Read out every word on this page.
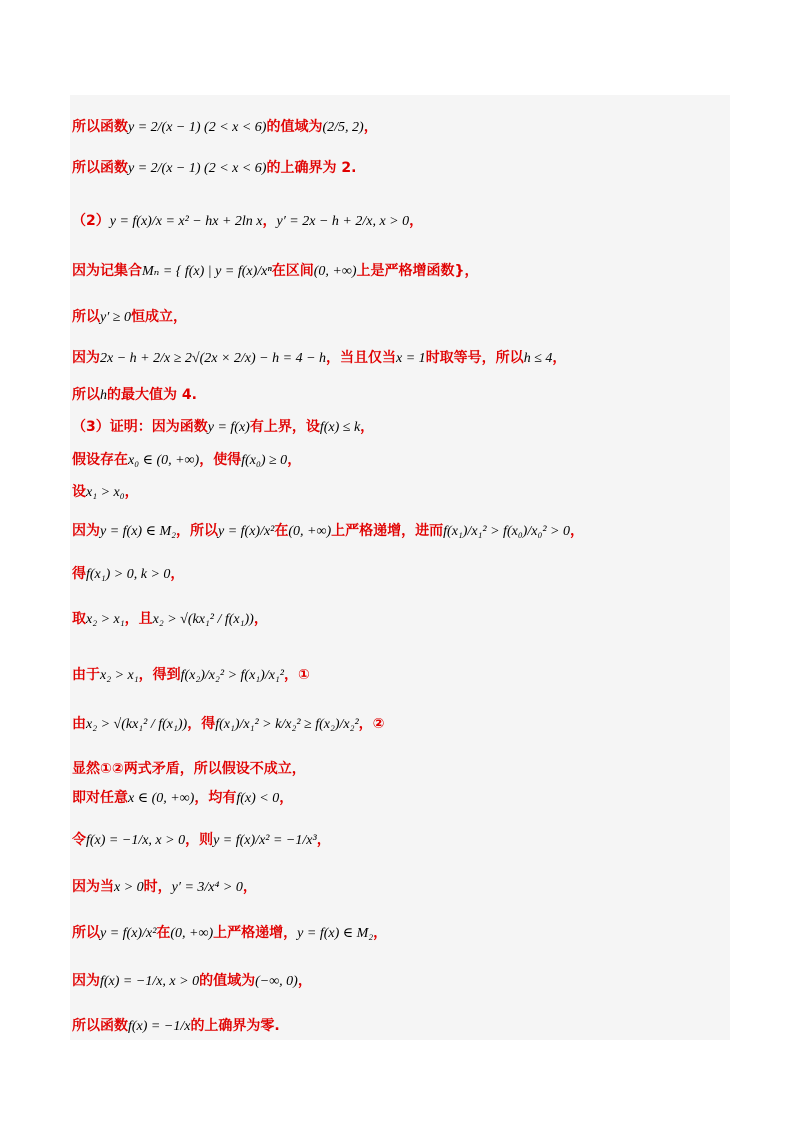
所以函数y = 2/(x − 1) (2 < x < 6)的值域为(2/5, 2)，
所以函数y = 2/(x − 1) (2 < x < 6)的上确界为 2.
（2）y = f(x)/x = x² − hx + 2ln x，y′ = 2x − h + 2/x, x > 0，
因为记集合Mₙ = { f(x) | y = f(x)/xⁿ在区间(0, +∞)上是严格增函数}，
所以y′ ≥ 0恒成立，
因为2x − h + 2/x ≥ 2√(2x × 2/x) − h = 4 − h，当且仅当x = 1时取等号，所以h ≤ 4，
所以h的最大值为 4.
（3）证明：因为函数y = f(x)有上界，设f(x) ≤ k，
假设存在x₀ ∈ (0, +∞)，使得f(x₀) ≥ 0，
设x₁ > x₀，
因为y = f(x) ∈ M₂，所以y = f(x)/x²在(0, +∞)上严格递增，进而f(x₁)/x₁² > f(x₀)/x₀² > 0，
得f(x₁) > 0, k > 0，
取x₂ > x₁，且x₂ > √(kx₁² / f(x₁))，
由于x₂ > x₁，得到f(x₂)/x₂² > f(x₁)/x₁²，①
由x₂ > √(kx₁² / f(x₁))，得f(x₁)/x₁² > k/x₂² ≥ f(x₂)/x₂²，②
显然①②两式矛盾，所以假设不成立，
即对任意x ∈ (0, +∞)，均有f(x) < 0，
令f(x) = −1/x, x > 0，则y = f(x)/x² = −1/x³，
因为当x > 0时，y′ = 3/x⁴ > 0，
所以y = f(x)/x²在(0, +∞)上严格递增，y = f(x) ∈ M₂，
因为f(x) = −1/x, x > 0的值域为(−∞, 0)，
所以函数f(x) = −1/x的上确界为零.
